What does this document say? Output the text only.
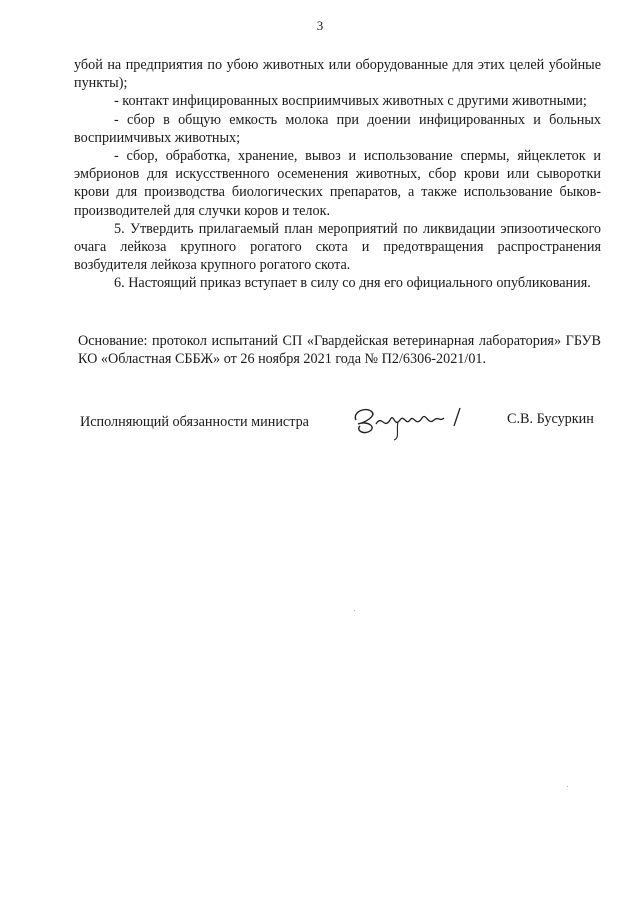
3

убой на предприятия по убою животных или оборудованные для этих целей убойные пункты);

- контакт инфицированных восприимчивых животных с другими животными;

- сбор в общую емкость молока при доении инфицированных и больных восприимчивых животных;

- сбор, обработка, хранение, вывоз и использование спермы, яйцеклеток и эмбрионов для искусственного осеменения животных, сбор крови или сыворотки крови для производства биологических препаратов, а также использование быков-производителей для случки коров и телок.

5. Утвердить прилагаемый план мероприятий по ликвидации эпизоотического очага лейкоза крупного рогатого скота и предотвращения распространения возбудителя лейкоза крупного рогатого скота.

6. Настоящий приказ вступает в силу со дня его официального опубликования.

Основание: протокол испытаний СП «Гвардейская ветеринарная лаборатория» ГБУВ КО «Областная СББЖ» от 26 ноября 2021 года № П2/6306-2021/01.

Исполняющий обязанности министра	С.В. Бусуркин
